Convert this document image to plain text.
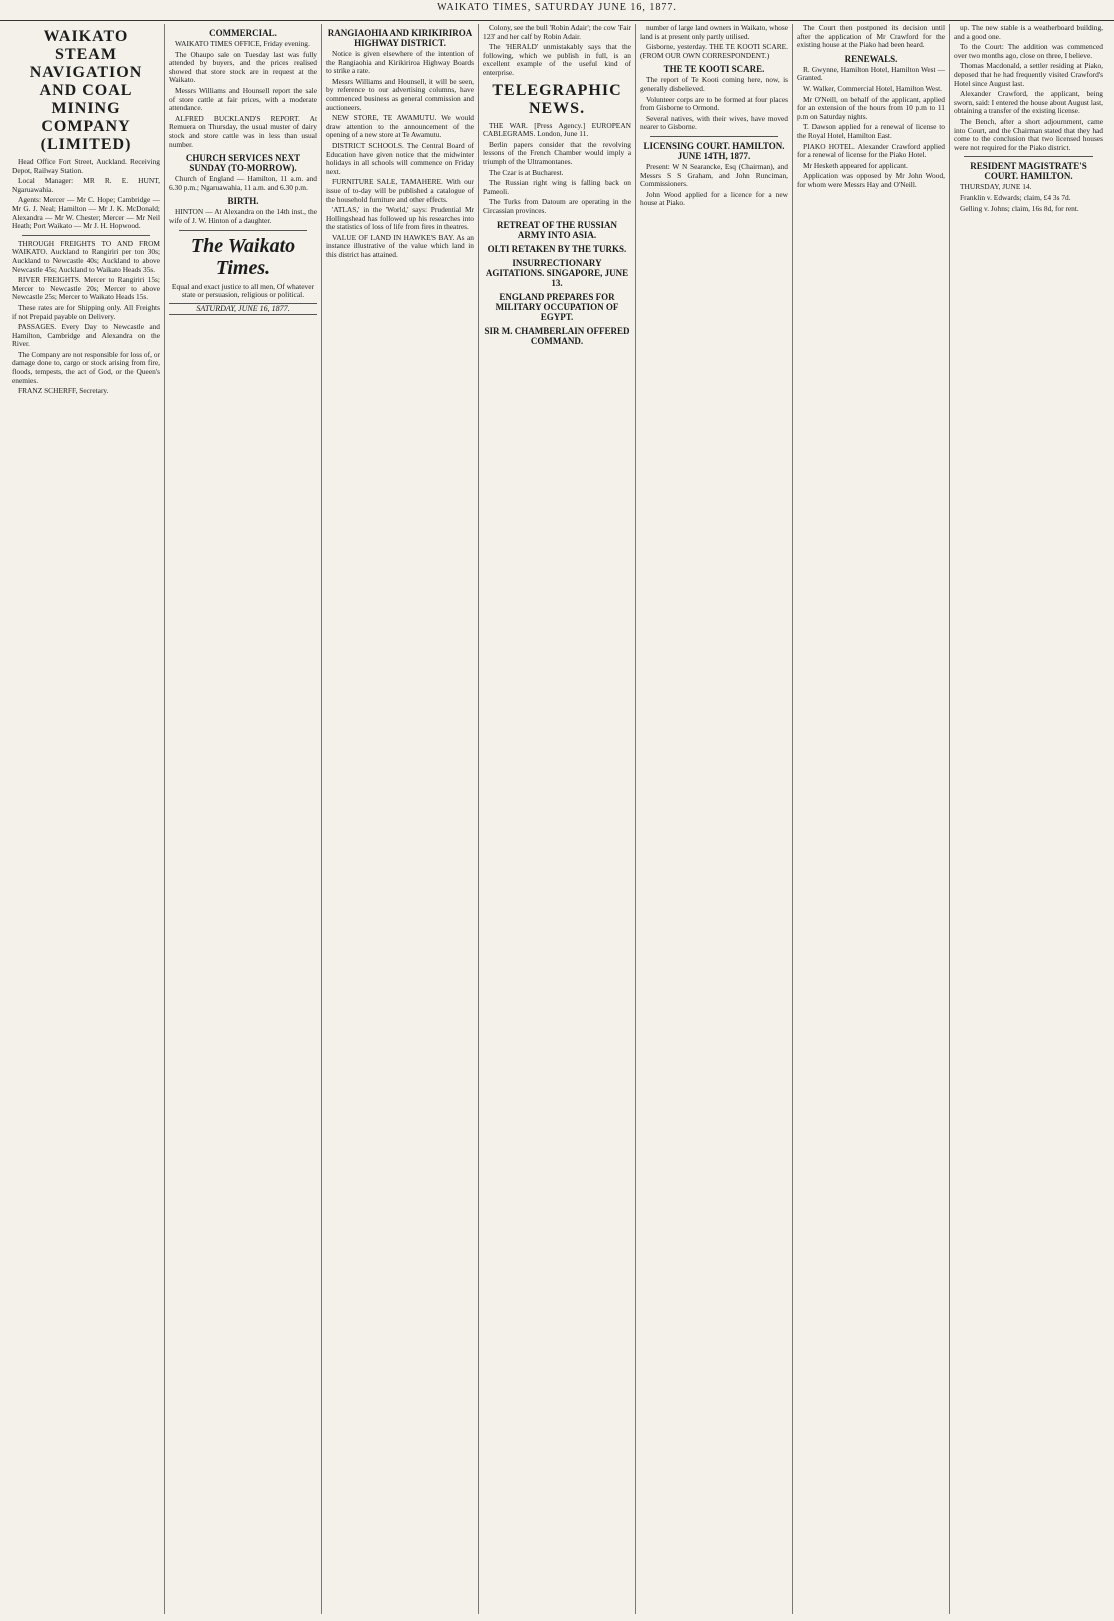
WAIKATO TIMES, SATURDAY JUNE 16, 1877.
WAIKATO STEAM NAVIGATION AND COAL MINING COMPANY (LIMITED)

Head Office Fort Street, Auckland. Receiving Depot, Railway Station.

Local Manager: MR R. E. HUNT, Ngaruawahia.

Agents: Mercer — Mr C. Hope; Cambridge — Mr G. J. Neal; Hamilton — Mr J. K. McDonald; Alexandra — Mr W. Chester; Mercer — Mr Neil Heath; Port Waikato — Mr J. H. Hopwood.

THROUGH FREIGHTS TO AND FROM WAIKATO. Auckland to Rangiriri per ton 30s; Auckland to Newcastle 40s; Auckland to above Newcastle 45s; Auckland to Waikato Heads 35s.

RIVER FREIGHTS. Mercer to Rangiriri 15s; Mercer to Newcastle 20s; Mercer to above Newcastle 25s; Mercer to Waikato Heads 15s.

These rates are for Shipping only. All Freights if not Prepaid payable on Delivery.

PASSAGES. Every Day to Newcastle and Hamilton, Cambridge and Alexandra on the River.

The Company are not responsible for loss of, or damage done to, cargo or stock arising from fire, floods, tempests, the act of God, or the Queen's enemies.

FRANZ SCHERFF, Secretary.

COMMERCIAL.

WAIKATO TIMES OFFICE, Friday evening.

The Ohaupo sale on Tuesday last was fully attended by buyers, and the prices realised showed that store stock are in request at the Waikato.

Messrs Williams and Hounsell report the sale of store cattle at fair prices, with a moderate attendance.

ALFRED BUCKLAND'S REPORT. At Remuera on Thursday, the usual muster of dairy stock and store cattle was in less than usual number.

CHURCH SERVICES NEXT SUNDAY (TO-MORROW).

Church of England — Hamilton, 11 a.m. and 6.30 p.m.; Ngaruawahia, 11 a.m. and 6.30 p.m.

BIRTH.

HINTON — At Alexandra on the 14th inst., the wife of J. W. Hinton of a daughter.

The Waikato Times.

Equal and exact justice to all men, Of whatever state or persuasion, religious or political.

SATURDAY, JUNE 16, 1877.
RANGIAOHIA AND KIRIKIRIROA HIGHWAY DISTRICT.

Notice is given elsewhere of the intention of the Rangiaohia and Kirikiriroa Highway Boards to strike a rate.

Messrs Williams and Hounsell, it will be seen, by reference to our advertising columns, have commenced business as general commission and auctioneers.

NEW STORE, TE AWAMUTU. We would draw attention to the announcement of the opening of a new store at Te Awamutu.

DISTRICT SCHOOLS. The Central Board of Education have given notice that the midwinter holidays in all schools will commence on Friday next.

FURNITURE SALE, TAMAHERE. With our issue of to-day will be published a catalogue of the household furniture and other effects.

'ATLAS,' in the 'World,' says: Prudential Mr Hollingshead has followed up his researches into the statistics of loss of life from fires in theatres.

VALUE OF LAND IN HAWKE'S BAY. As an instance illustrative of the value which land in this district has attained.

Colony, see the bull 'Robin Adair'; the cow 'Fair 123' and her calf by Robin Adair.

The 'HERALD' unmistakably says that the following, which we publish in full, is an excellent example of the useful kind of enterprise.

TELEGRAPHIC NEWS.

THE WAR. [Press Agency.] EUROPEAN CABLEGRAMS. London, June 11.

Berlin papers consider that the revolving lessons of the French Chamber would imply a triumph of the Ultramontanes.

The Czar is at Bucharest.

The Russian right wing is falling back on Pameoli.

The Turks from Datoum are operating in the Circassian provinces.

RETREAT OF THE RUSSIAN ARMY INTO ASIA.
OLTI RETAKEN BY THE TURKS.
INSURRECTIONARY AGITATIONS. SINGAPORE, JUNE 13.
ENGLAND PREPARES FOR MILITARY OCCUPATION OF EGYPT.
SIR M. CHAMBERLAIN OFFERED COMMAND.

number of large land owners in Waikato, whose land is at present only partly utilised.

Gisborne, yesterday. THE TE KOOTI SCARE. (FROM OUR OWN CORRESPONDENT.)

THE TE KOOTI SCARE.

The report of Te Kooti coming here, now, is generally disbelieved.

Volunteer corps are to be formed at four places from Gisborne to Ormond.

Several natives, with their wives, have moved nearer to Gisborne.

LICENSING COURT. HAMILTON. JUNE 14TH, 1877.

Present: W N Searancke, Esq (Chairman), and Messrs S S Graham, and John Runciman, Commissioners.

John Wood applied for a licence for a new house at Piako.

The Court then postponed its decision until after the application of Mr Crawford for the existing house at the Piako had been heard.

RENEWALS.

R. Gwynne, Hamilton Hotel, Hamilton West — Granted.

W. Walker, Commercial Hotel, Hamilton West.

Mr O'Neill, on behalf of the applicant, applied for an extension of the hours from 10 p.m to 11 p.m on Saturday nights.

T. Dawson applied for a renewal of license to the Royal Hotel, Hamilton East.

PIAKO HOTEL. Alexander Crawford applied for a renewal of license for the Piako Hotel.

Mr Hesketh appeared for applicant.

Application was opposed by Mr John Wood, for whom were Messrs Hay and O'Neill.

up. The new stable is a weatherboard building, and a good one.

To the Court: The addition was commenced over two months ago, close on three, I believe.

Thomas Macdonald, a settler residing at Piako, deposed that he had frequently visited Crawford's Hotel since August last.

Alexander Crawford, the applicant, being sworn, said: I entered the house about August last, obtaining a transfer of the existing license.

The Bench, after a short adjournment, came into Court, and the Chairman stated that they had come to the conclusion that two licensed houses were not required for the Piako district.

RESIDENT MAGISTRATE'S COURT. HAMILTON.

THURSDAY, JUNE 14.

Franklin v. Edwards; claim, £4 3s 7d.

Gelling v. Johns; claim, 16s 8d, for rent.
